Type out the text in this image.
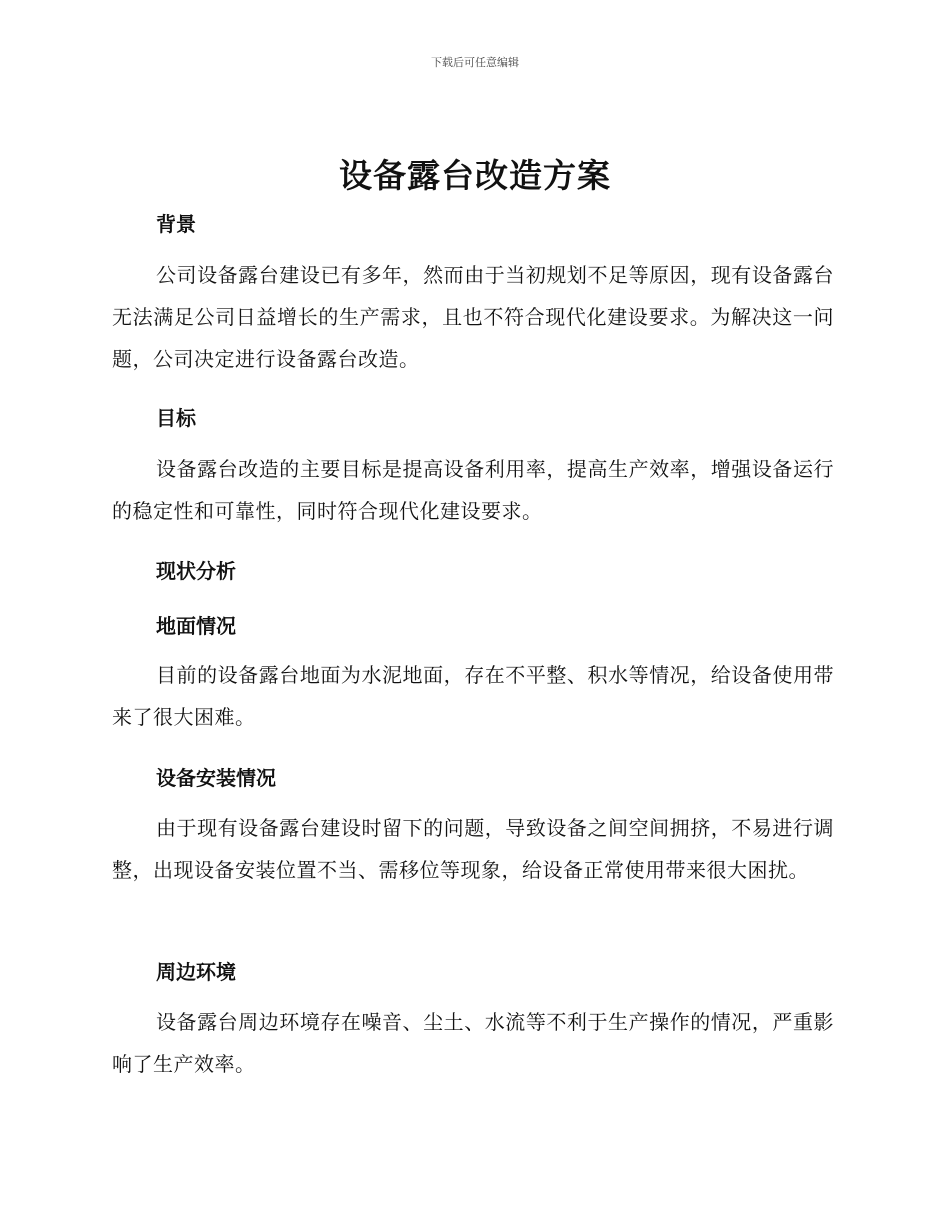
下载后可任意编辑
设备露台改造方案
背景
公司设备露台建设已有多年，然而由于当初规划不足等原因，现有设备露台无法满足公司日益增长的生产需求，且也不符合现代化建设要求。为解决这一问题，公司决定进行设备露台改造。
目标
设备露台改造的主要目标是提高设备利用率，提高生产效率，增强设备运行的稳定性和可靠性，同时符合现代化建设要求。
现状分析
地面情况
目前的设备露台地面为水泥地面，存在不平整、积水等情况，给设备使用带来了很大困难。
设备安装情况
由于现有设备露台建设时留下的问题，导致设备之间空间拥挤，不易进行调整，出现设备安装位置不当、需移位等现象，给设备正常使用带来很大困扰。
周边环境
设备露台周边环境存在噪音、尘土、水流等不利于生产操作的情况，严重影响了生产效率。
